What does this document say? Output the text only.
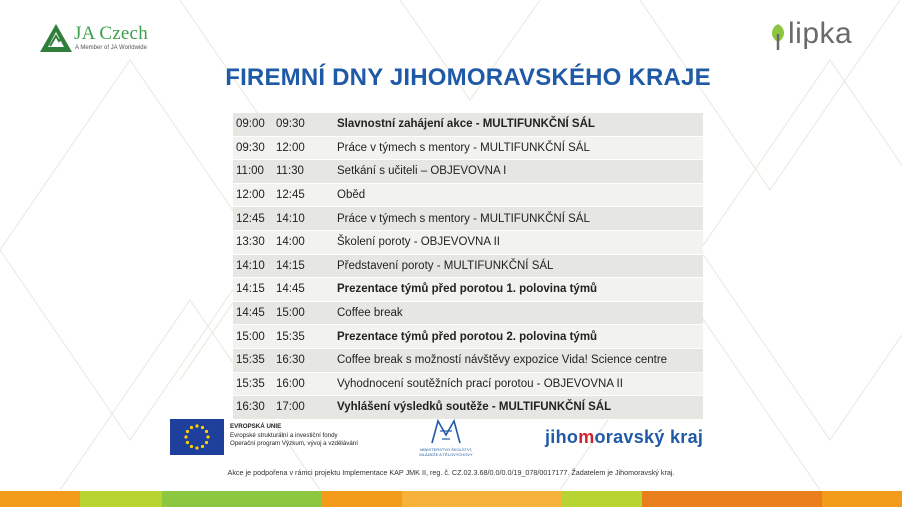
JA Czech
A Member of JA Worldwide	lipka
FIREMNÍ DNY JIHOMORAVSKÉHO KRAJE
09:00 09:30	Slavnostní zahájení akce - MULTIFUNKČNÍ SÁL
09:30 12:00	Práce v týmech s mentory - MULTIFUNKČNÍ SÁL
11:00	11:30	Setkání s učiteli – OBJEVOVNA I
12:00 12:45	Oběd
12:45 14:10	Práce v týmech s mentory - MULTIFUNKČNÍ SÁL
13:30 14:00	Školení poroty - OBJEVOVNA II
14:10 14:15	Představení poroty - MULTIFUNKČNÍ SÁL
14:15 14:45	Prezentace týmů před porotou 1. polovina týmů
14:45 15:00	Coffee break
15:00 15:35	Prezentace týmů před porotou 2. polovina týmů
15:35 16:30	Coffee break s možností návštěvy expozice Vida! Science centre
15:35 16:00	Vyhodnocení soutěžních prací porotou - OBJEVOVNA II
16:30 17:00	Vyhlášení výsledků soutěže - MULTIFUNKČNÍ SÁL
EVROPSKÁ UNIE
Evropské strukturální a investiční fondy
Operační program Výzkum, vývoj a vzdělávání
MINISTERSTVO ŠKOLSTVÍ,
MLÁDEŽE A TĚLOVÝCHOVY
jihomoravský kraj
Akce je podpořena v rámci projektu Implementace KAP JMK II, reg. č. CZ.02.3.68/0.0/0.0/19_078/0017177. Žadatelem je Jihomoravský kraj.
